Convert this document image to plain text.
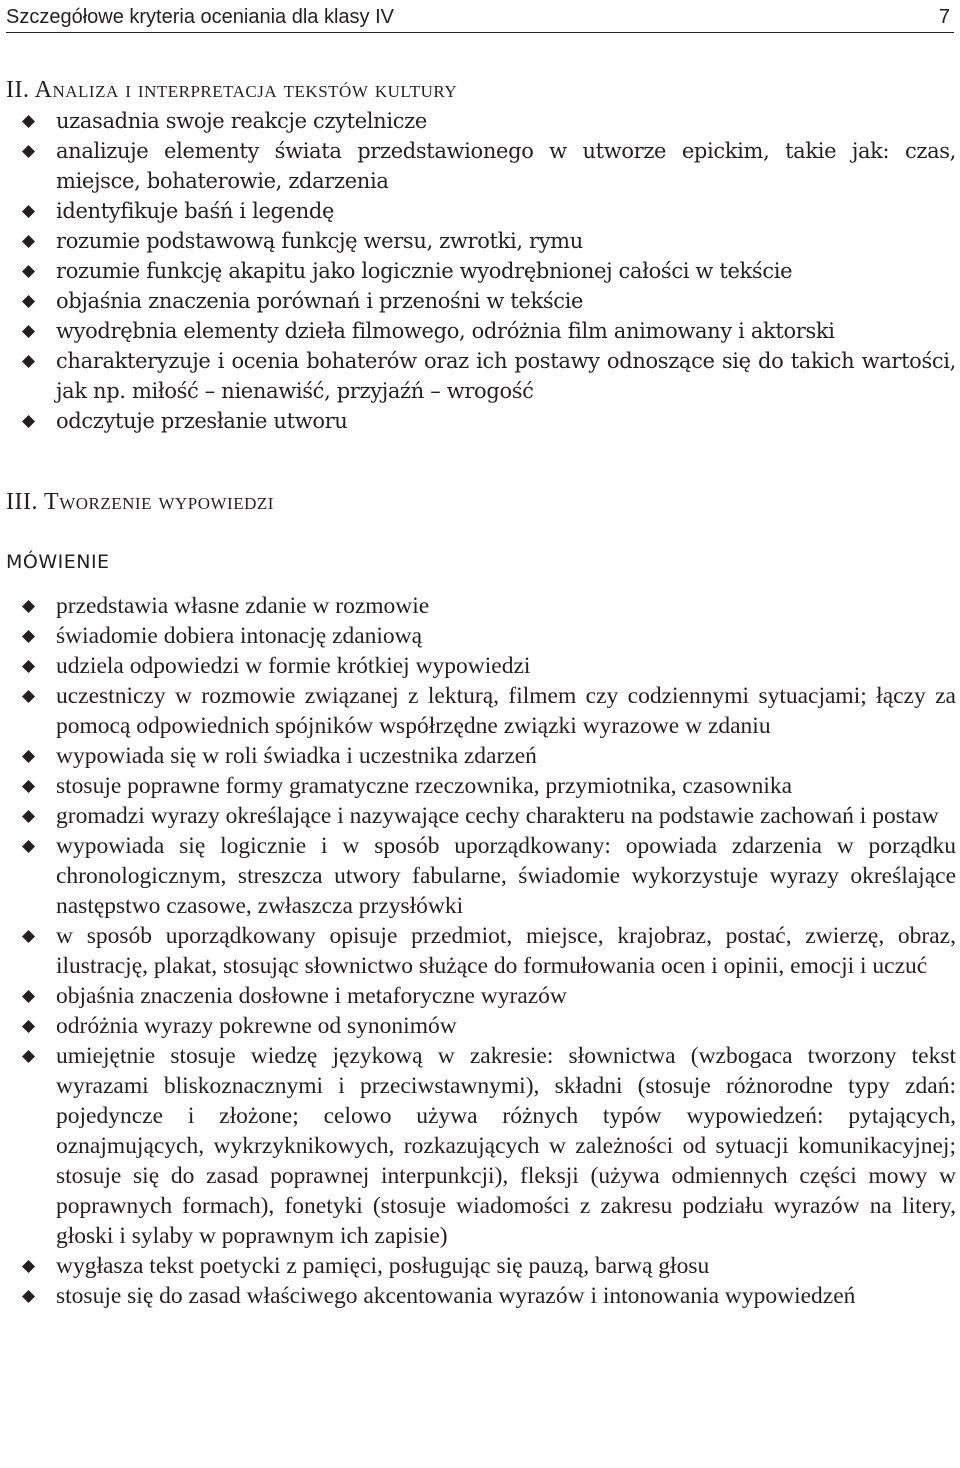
Szczegółowe kryteria oceniania dla klasy IV	7
II. Analiza i interpretacja tekstów kultury
uzasadnia swoje reakcje czytelnicze
analizuje elementy świata przedstawionego w utworze epickim, takie jak: czas, miejsce, bohaterowie, zdarzenia
identyfikuje baśń i legendę
rozumie podstawową funkcję wersu, zwrotki, rymu
rozumie funkcję akapitu jako logicznie wyodrębnionej całości w tekście
objaśnia znaczenia porównań i przenośni w tekście
wyodrębnia elementy dzieła filmowego, odróżnia film animowany i aktorski
charakteryzuje i ocenia bohaterów oraz ich postawy odnoszące się do takich wartości, jak np. miłość – nienawiść, przyjaźń – wrogość
odczytuje przesłanie utworu
III. Tworzenie wypowiedzi
MÓWIENIE
przedstawia własne zdanie w rozmowie
świadomie dobiera intonację zdaniową
udziela odpowiedzi w formie krótkiej wypowiedzi
uczestniczy w rozmowie związanej z lekturą, filmem czy codziennymi sytuacjami; łączy za pomocą odpowiednich spójników współrzędne związki wyrazowe w zdaniu
wypowiada się w roli świadka i uczestnika zdarzeń
stosuje poprawne formy gramatyczne rzeczownika, przymiotnika, czasownika
gromadzi wyrazy określające i nazywające cechy charakteru na podstawie zachowań i postaw
wypowiada się logicznie i w sposób uporządkowany: opowiada zdarzenia w porządku chronologicznym, streszcza utwory fabularne, świadomie wykorzystuje wyrazy określające następstwo czasowe, zwłaszcza przysłówki
w sposób uporządkowany opisuje przedmiot, miejsce, krajobraz, postać, zwierzę, obraz, ilustrację, plakat, stosując słownictwo służące do formułowania ocen i opinii, emocji i uczuć
objaśnia znaczenia dosłowne i metaforyczne wyrazów
odróżnia wyrazy pokrewne od synonimów
umiejętnie stosuje wiedzę językową w zakresie: słownictwa (wzbogaca tworzony tekst wyrazami bliskoznacznymi i przeciwstawnymi), składni (stosuje różnorodne typy zdań: pojedyncze i złożone; celowo używa różnych typów wypowiedzeń: pytających, oznajmujących, wykrzyknikowych, rozkazujących w zależności od sytuacji komunikacyjnej; stosuje się do zasad poprawnej interpunkcji), fleksji (używa odmiennych części mowy w poprawnych formach), fonetyki (stosuje wiadomości z zakresu podziału wyrazów na litery, głoski i sylaby w poprawnym ich zapisie)
wygłasza tekst poetycki z pamięci, posługując się pauzą, barwą głosu
stosuje się do zasad właściwego akcentowania wyrazów i intonowania wypowiedzeń
